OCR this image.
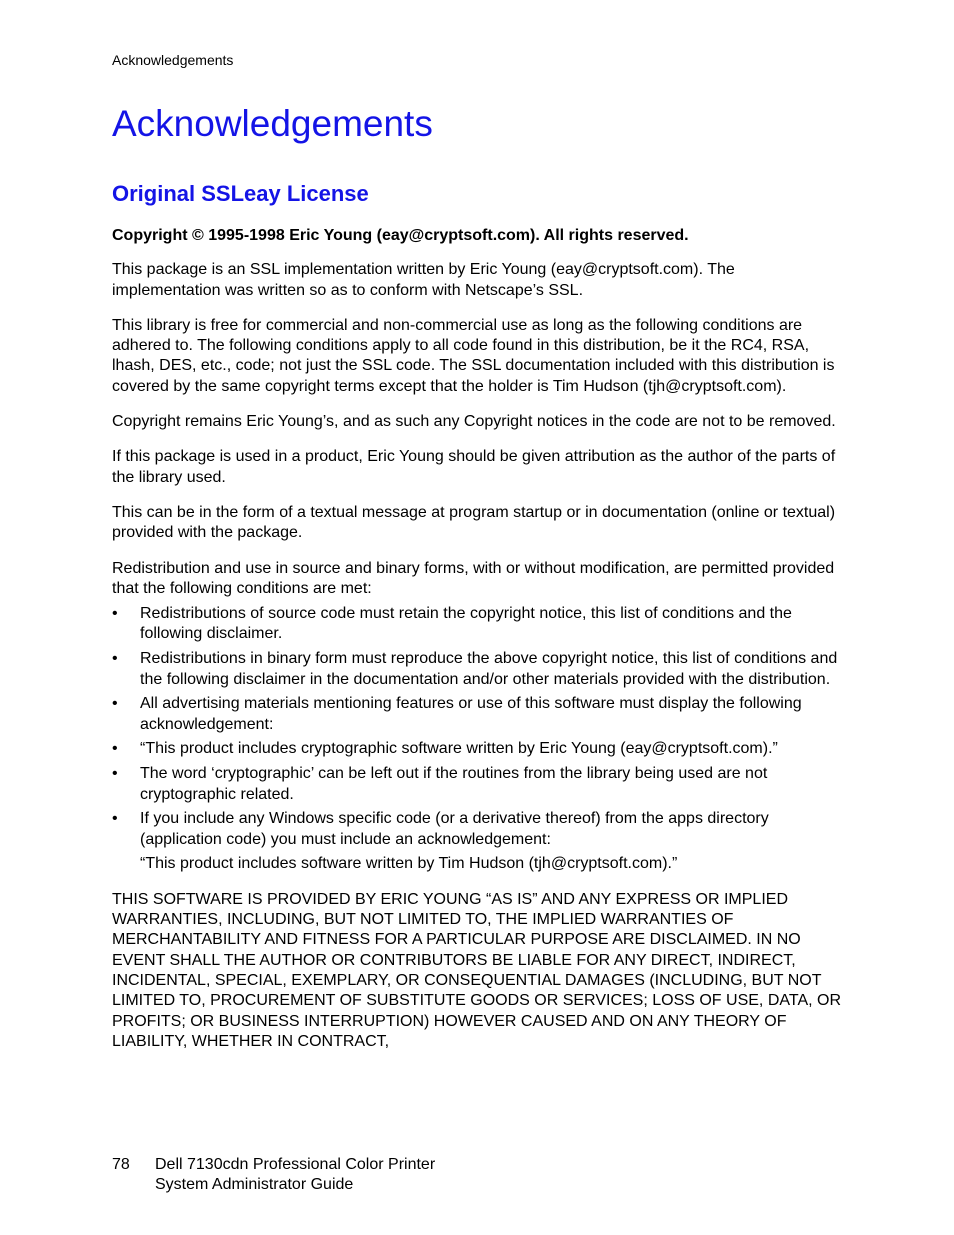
Acknowledgements
Acknowledgements
Original SSLeay License

Copyright © 1995-1998 Eric Young (eay@cryptsoft.com). All rights reserved.

This package is an SSL implementation written by Eric Young (eay@cryptsoft.com). The implementation was written so as to conform with Netscape’s SSL.

This library is free for commercial and non-commercial use as long as the following conditions are adhered to. The following conditions apply to all code found in this distribution, be it the RC4, RSA, lhash, DES, etc., code; not just the SSL code. The SSL documentation included with this distribution is covered by the same copyright terms except that the holder is Tim Hudson (tjh@cryptsoft.com).

Copyright remains Eric Young’s, and as such any Copyright notices in the code are not to be removed.

If this package is used in a product, Eric Young should be given attribution as the author of the parts of the library used.

This can be in the form of a textual message at program startup or in documentation (online or textual) provided with the package.

Redistribution and use in source and binary forms, with or without modification, are permitted provided that the following conditions are met:

• Redistributions of source code must retain the copyright notice, this list of conditions and the following disclaimer.
• Redistributions in binary form must reproduce the above copyright notice, this list of conditions and the following disclaimer in the documentation and/or other materials provided with the distribution.
• All advertising materials mentioning features or use of this software must display the following acknowledgement:
• “This product includes cryptographic software written by Eric Young (eay@cryptsoft.com).”
• The word ‘cryptographic’ can be left out if the routines from the library being used are not cryptographic related.
• If you include any Windows specific code (or a derivative thereof) from the apps directory (application code) you must include an acknowledgement:
“This product includes software written by Tim Hudson (tjh@cryptsoft.com).”

THIS SOFTWARE IS PROVIDED BY ERIC YOUNG “AS IS” AND ANY EXPRESS OR IMPLIED WARRANTIES, INCLUDING, BUT NOT LIMITED TO, THE IMPLIED WARRANTIES OF MERCHANTABILITY AND FITNESS FOR A PARTICULAR PURPOSE ARE DISCLAIMED. IN NO EVENT SHALL THE AUTHOR OR CONTRIBUTORS BE LIABLE FOR ANY DIRECT, INDIRECT, INCIDENTAL, SPECIAL, EXEMPLARY, OR CONSEQUENTIAL DAMAGES (INCLUDING, BUT NOT LIMITED TO, PROCUREMENT OF SUBSTITUTE GOODS OR SERVICES; LOSS OF USE, DATA, OR PROFITS; OR BUSINESS INTERRUPTION) HOWEVER CAUSED AND ON ANY THEORY OF LIABILITY, WHETHER IN CONTRACT,

78	Dell 7130cdn Professional Color Printer
System Administrator Guide
